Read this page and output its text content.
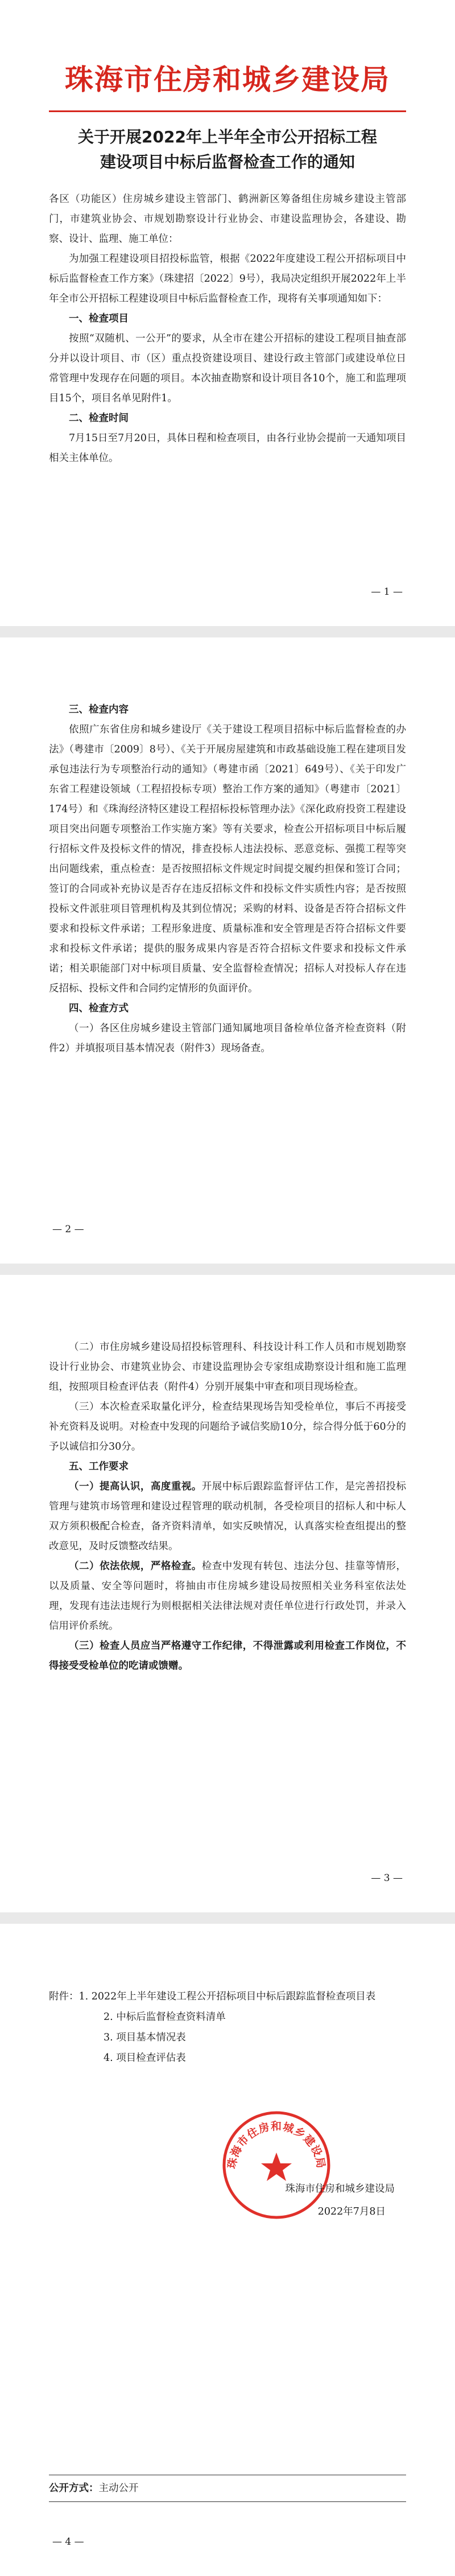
珠海市住房和城乡建设局
关于开展2022年上半年全市公开招标工程
建设项目中标后监督检查工作的通知

各区（功能区）住房城乡建设主管部门、鹤洲新区筹备组住房城乡建设主管部门，市建筑业协会、市规划勘察设计行业协会、市建设监理协会，各建设、勘察、设计、监理、施工单位：

为加强工程建设项目招投标监管，根据《2022年度建设工程公开招标项目中标后监督检查工作方案》（珠建招〔2022〕9号），我局决定组织开展2022年上半年全市公开招标工程建设项目中标后监督检查工作，现将有关事项通知如下：

一、检查项目

按照“双随机、一公开”的要求，从全市在建公开招标的建设工程项目抽查部分并以设计项目、市（区）重点投资建设项目、建设行政主管部门或建设单位日常管理中发现存在问题的项目。本次抽查勘察和设计项目各10个，施工和监理项目15个，项目名单见附件1。

二、检查时间

7月15日至7月20日，具体日程和检查项目，由各行业协会提前一天通知项目相关主体单位。

— 1 —

三、检查内容

依照广东省住房和城乡建设厅《关于建设工程项目招标中标后监督检查的办法》（粤建市〔2009〕8号）、《关于开展房屋建筑和市政基础设施工程在建项目发承包违法行为专项整治行动的通知》（粤建市函〔2021〕649号）、《关于印发广东省工程建设领域（工程招投标专项）整治工作方案的通知》（粤建市〔2021〕174号）和《珠海经济特区建设工程招标投标管理办法》《深化政府投资工程建设项目突出问题专项整治工作实施方案》等有关要求，检查公开招标项目中标后履行招标文件及投标文件的情况，排查投标人违法投标、恶意竞标、强揽工程等突出问题线索，重点检查：是否按照招标文件规定时间提交履约担保和签订合同；签订的合同或补充协议是否存在违反招标文件和投标文件实质性内容；是否按照投标文件派驻项目管理机构及其到位情况；采购的材料、设备是否符合招标文件要求和投标文件承诺；工程形象进度、质量标准和安全管理是否符合招标文件要求和投标文件承诺；提供的服务成果内容是否符合招标文件要求和投标文件承诺；相关职能部门对中标项目质量、安全监督检查情况；招标人对投标人存在违反招标、投标文件和合同约定情形的负面评价。

四、检查方式

（一）各区住房城乡建设主管部门通知属地项目备检单位备齐检查资料（附件2）并填报项目基本情况表（附件3）现场备查。

— 2 —

（二）市住房城乡建设局招投标管理科、科技设计科工作人员和市规划勘察设计行业协会、市建筑业协会、市建设监理协会专家组成勘察设计组和施工监理组，按照项目检查评估表（附件4）分别开展集中审查和项目现场检查。

（三）本次检查采取量化评分，检查结果现场告知受检单位，事后不再接受补充资料及说明。对检查中发现的问题给予诚信奖励10分，综合得分低于60分的予以诚信扣分30分。

五、工作要求

（一）提高认识，高度重视。开展中标后跟踪监督评估工作，是完善招投标管理与建筑市场管理和建设过程管理的联动机制，各受检项目的招标人和中标人双方须积极配合检查，备齐资料清单，如实反映情况，认真落实检查组提出的整改意见，及时反馈整改结果。

（二）依法依规，严格检查。检查中发现有转包、违法分包、挂靠等情形，以及质量、安全等问题时，将抽由市住房城乡建设局按照相关业务科室依法处理，发现有违法违规行为则根据相关法律法规对责任单位进行行政处罚，并录入信用评价系统。

（三）检查人员应当严格遵守工作纪律，不得泄露或利用检查工作岗位，不得接受受检单位的吃请或馈赠。

— 3 —
附件：1. 2022年上半年建设工程公开招标项目中标后跟踪监督检查项目表
2. 中标后监督检查资料清单
3. 项目基本情况表
4. 项目检查评估表
珠海市住房和城乡建设局
珠海市住房和城乡建设局
2022年7月8日
公开方式：主动公开
— 4 —
